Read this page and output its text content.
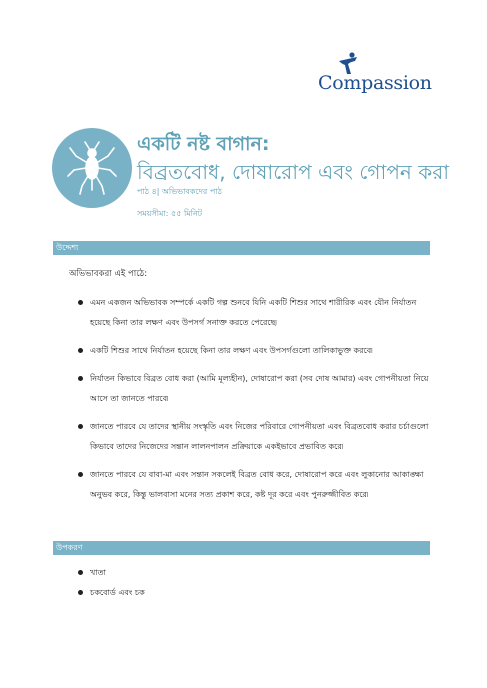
Compassion
একটি নষ্ট বাগান:
বিব্রতবোধ, দোষারোপ এবং গোপন করা
পাঠ ৪| অভিভাবকদের পাঠ
সময়সীমা: ৫৫ মিনিট
উদ্দেশ্য
অভিভাবকরা এই পাঠে:
এমন একজন অভিভাবক সম্পর্কে একটি গল্প শুনবে যিনি একটি শিশুর সাথে শারীরিক এবং যৌন নির্যাতন হয়েছে কিনা তার লক্ষণ এবং উপসর্গ সনাক্ত করতে পেরেছে৷
একটি শিশুর সাথে নির্যাতন হয়েছে কিনা তার লক্ষণ এবং উপসর্গগুলো তালিকাভুক্ত করবে৷
নির্যাতন কিভাবে বিব্রত বোধ করা (আমি মূল্যহীন), দোষারোপ করা (সব দোষ আমার) এবং গোপনীয়তা নিয়ে আসে তা জানতে পারবে৷
জানতে পারবে যে তাদের স্থানীয় সংস্কৃতি এবং নিজের পরিবারে গোপনীয়তা এবং বিব্রতবোধ করার চর্চাগুলো কিভাবে তাদের নিজেদের সন্তান লালনপালন প্রক্রিয়াকে একইভাবে প্রভাবিত করে৷
জানতে পারবে যে বাবা-মা এবং সন্তান সকলেই বিব্রত বোধ করে, দোষারোপ করে এবং লুকানোর আকাঙ্ক্ষা অনুভব করে, কিন্তু ভালবাসা মনের সত্য প্রকাশ করে, কষ্ট দূর করে এবং পুনরুজ্জীবিত করে৷
উপকরণ
খাতা
চকবোর্ড এবং চক
